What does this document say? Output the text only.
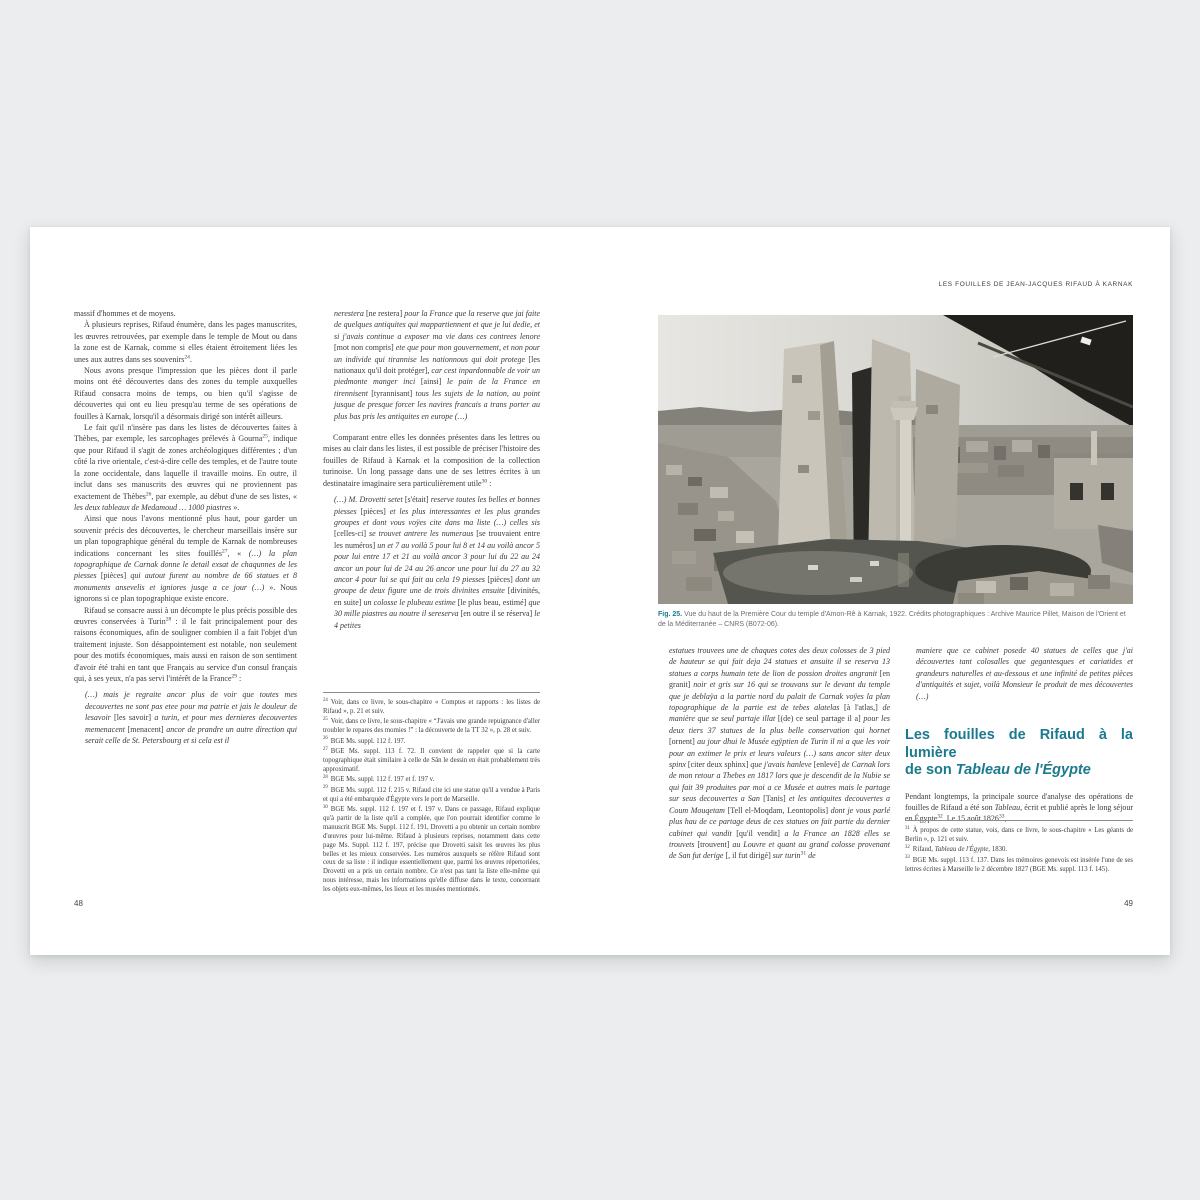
LES FOUILLES DE JEAN-JACQUES RIFAUD À KARNAK

massif d'hommes et de moyens.

À plusieurs reprises, Rifaud énumère, dans les pages manuscrites, les œuvres retrouvées, par exemple dans le temple de Mout ou dans la zone est de Karnak, comme si elles étaient étroitement liées les unes aux autres dans ses souvenirs$^{24}$.

Nous avons presque l'impression que les pièces dont il parle moins ont été découvertes dans des zones du temple auxquelles Rifaud consacra moins de temps, ou bien qu'il s'agisse de découvertes qui ont eu lieu presqu'au terme de ses opérations de fouilles à Karnak, lorsqu'il a désormais dirigé son intérêt ailleurs.

Le fait qu'il n'insère pas dans les listes de découvertes faites à Thèbes, par exemple, les sarcophages prélevés à Gourna$^{25}$, indique que pour Rifaud il s'agit de zones archéologiques différentes ; d'un côté la rive orientale, c'est-à-dire celle des temples, et de l'autre toute la zone occidentale, dans laquelle il travaille moins. En outre, il inclut dans ses manuscrits des œuvres qui ne proviennent pas exactement de Thèbes$^{26}$, par exemple, au début d'une de ses listes, « les deux tableaux de Medamoud … 1000 piastres ».

Ainsi que nous l'avons mentionné plus haut, pour garder un souvenir précis des découvertes, le chercheur marseillais insère sur un plan topographique général du temple de Karnak de nombreuses indications concernant les sites fouillés$^{27}$, « (…) la plan topographique de Carnak donne le detail exsat de chaqunnes de les piesses [pièces] qui autout furent au nombre de 66 statues et 8 monuments ansevelis et igniores jusqe a ce jour (…) ». Nous ignorons si ce plan topographique existe encore.

Rifaud se consacre aussi à un décompte le plus précis possible des œuvres conservées à Turin$^{28}$ : il le fait principalement pour des raisons économiques, afin de souligner combien il a fait l'objet d'un traitement injuste. Son désappointement est notable, non seulement pour des motifs économiques, mais aussi en raison de son sentiment d'avoir été trahi en tant que Français au service d'un consul français qui, à ses yeux, n'a pas servi l'intérêt de la France$^{29}$ :

(…) mais je regraite ancor plus de voir que toutes mes decouvertes ne sont pas etee pour ma patrie et jais le douleur de lesavoir [les savoir] a turin, et pour mes dernieres decouvertes memenacent [menacent] ancor de prandre un autre direction qui serait celle de St. Petersbourg et si cela est il

nerestera [ne restera] pour la France que la reserve que jai faite de quelques antiquites qui mappartiennent et que je lui dedie, et si j'avais continue a exposer ma vie dans ces contrees lenore [mot non compris] ete que pour mon gouvernement, et non pour un individe qui tirannise les nationnous qui doit protege [les nationaux qu'il doit protéger], car cest inpardonnable de voir un piedmonte manger inci [ainsi] le pain de la France en tirennisent [tyrannisant] tous les sujets de la nation, au point jusque de presque forcer les navires francais a trans porter au plus bas pris les antiquites en europe (…)

Comparant entre elles les données présentes dans les lettres ou mises au clair dans les listes, il est possible de préciser l'histoire des fouilles de Rifaud à Karnak et la composition de la collection turinoise. Un long passage dans une de ses lettres écrites à un destinataire imaginaire sera particulièrement utile$^{30}$ :

(…) M. Drovetti setet [s'était] reserve toutes les belles et bonnes piesses [pièces] et les plus interessantes et les plus grandes groupes et dont vous voÿes cite dans ma liste (…) celles sis [celles-ci] se trouvet antrere les numeraus [se trouvaient entre les numéros] un et 7 au voilà 5 pour lui 8 et 14 au voilà ancor 5 pour lui entre 17 et 21 au voilà ancor 3 pour lui du 22 au 24 ancor un pour lui de 24 au 26 ancor une pour lui du 27 au 32 ancor 4 pour lui se qui fait au cela 19 piesses [pièces] dont un groupe de deux figure une de trois divinites ensuite [divinités, en suite] un colosse le plubeau estime [le plus beau, estimé] que 30 mille piastres au noutre il sereserva [en outre il se réserva] le 4 petites

$^{24}$ Voir, dans ce livre, le sous-chapitre « Comptes et rapports : les listes de Rifaud », p. 21 et suiv.

$^{25}$ Voir, dans ce livre, le sous-chapitre « “J'avais une grande repuignance d'aller troubler le repares des momies !” : la découverte de la TT 32 », p. 28 et suiv.

$^{26}$ BGE Ms. suppl. 112 f. 197.

$^{27}$ BGE Ms. suppl. 113 f. 72. Il convient de rappeler que si la carte topographique était similaire à celle de Sân le dessin en était probablement très approximatif.

$^{28}$ BGE Ms. suppl. 112 f. 197 et f. 197 v.

$^{29}$ BGE Ms. suppl. 112 f. 215 v. Rifaud cite ici une statue qu'il a vendue à Paris et qui a été embarquée d'Égypte vers le port de Marseille.

$^{30}$ BGE Ms. suppl. 112 f. 197 et f. 197 v. Dans ce passage, Rifaud explique qu'à partir de la liste qu'il a complée, que l'on pourrait identifier comme le manuscrit BGE Ms. Suppl. 112 f. 191, Drovetti a pu obtenir un certain nombre d'œuvres pour lui-même. Rifaud à plusieurs reprises, notamment dans cette page Ms. Suppl. 112 f. 197, précise que Drovetti saisit les œuvres les plus belles et les mieux conservées. Les numéros auxquels se réfère Rifaud sont ceux de sa liste : il indique essentiellement que, parmi les œuvres répertoriées, Drovetti en a pris un certain nombre. Ce n'est pas tant la liste elle-même qui nous intéresse, mais les informations qu'elle diffuse dans le texte, concernant les objets eux-mêmes, les lieux et les musées mentionnés.

Fig. 25. Vue du haut de la Première Cour du temple d'Amon-Rê à Karnak, 1922. Crédits photographiques : Archive Maurice Pillet, Maison de l'Orient et de la Méditerranée – CNRS (B072-06).

estatues trouvees une de chaques cotes des deux colosses de 3 pied de hauteur se qui fait deja 24 statues et ansuite il se reserva 13 statues a corps humain tete de lion de possion droites angranit [en granit] noir et gris sur 16 qui se trouvans sur le devant du temple que je deblaÿa a la partie nord du palait de Carnak voÿes la plan topographique de la partie est de tebes alatelas [à l'atlas,] de manière que se seul partaje illat [(de) ce seul partage il a] pour les deux tiers 37 statues de la plus belle conservation qui hornet [ornent] au jour dhui le Musée egÿptien de Turin il ni a que les voir pour an extimer le prix et leurs valeurs (…) sans ancor siter deux spinx [citer deux sphinx] que j'avais hanleve [enlevé] de Carnak lors de mon retour a Thebes en 1817 lors que je descendit de la Nubie se qui fait 39 produites par moi a ce Musée et autres mais le partage sur seus decouvertes a San [Tanis] et les antiquites decouvertes a Coum Mouqetam [Tell el-Moqdam, Leontopolis] dont je vous parlé plus hau de ce partage deus de ces statues on fait partie du dernier cabinet qui vandit [qu'il vendit] a la France an 1828 elles se trouvets [trouvent] au Louvre et quant au grand colosse provenant de San fut derige [, il fut dirigé] sur turin$^{31}$ de

maniere que ce cabinet posede 40 statues de celles que j'ai découvertes tant colosalles que gegantesques et cariatides et grandeurs naturelles et au-dessous et une infinité de petites pièces d'antiquités et sujet, voilà Monsieur le produit de mes découvertes (…)

Les fouilles de Rifaud à la lumière
de son Tableau de l'Égypte

Pendant longtemps, la principale source d'analyse des opérations de fouilles de Rifaud a été son Tableau, écrit et publié après le long séjour en Égypte$^{32}$. Le 15 août 1826$^{33}$,

$^{31}$ À propos de cette statue, vois, dans ce livre, le sous-chapitre « Les géants de Berlin », p. 121 et suiv.

$^{32}$ Rifaud, Tableau de l'Égypte, 1830.

$^{33}$ BGE Ms. suppl. 113 f. 137. Dans les mémoires genevois est insérée l'une de ses lettres écrites à Marseille le 2 décembre 1827 (BGE Ms. suppl. 113 f. 145).

48	49
